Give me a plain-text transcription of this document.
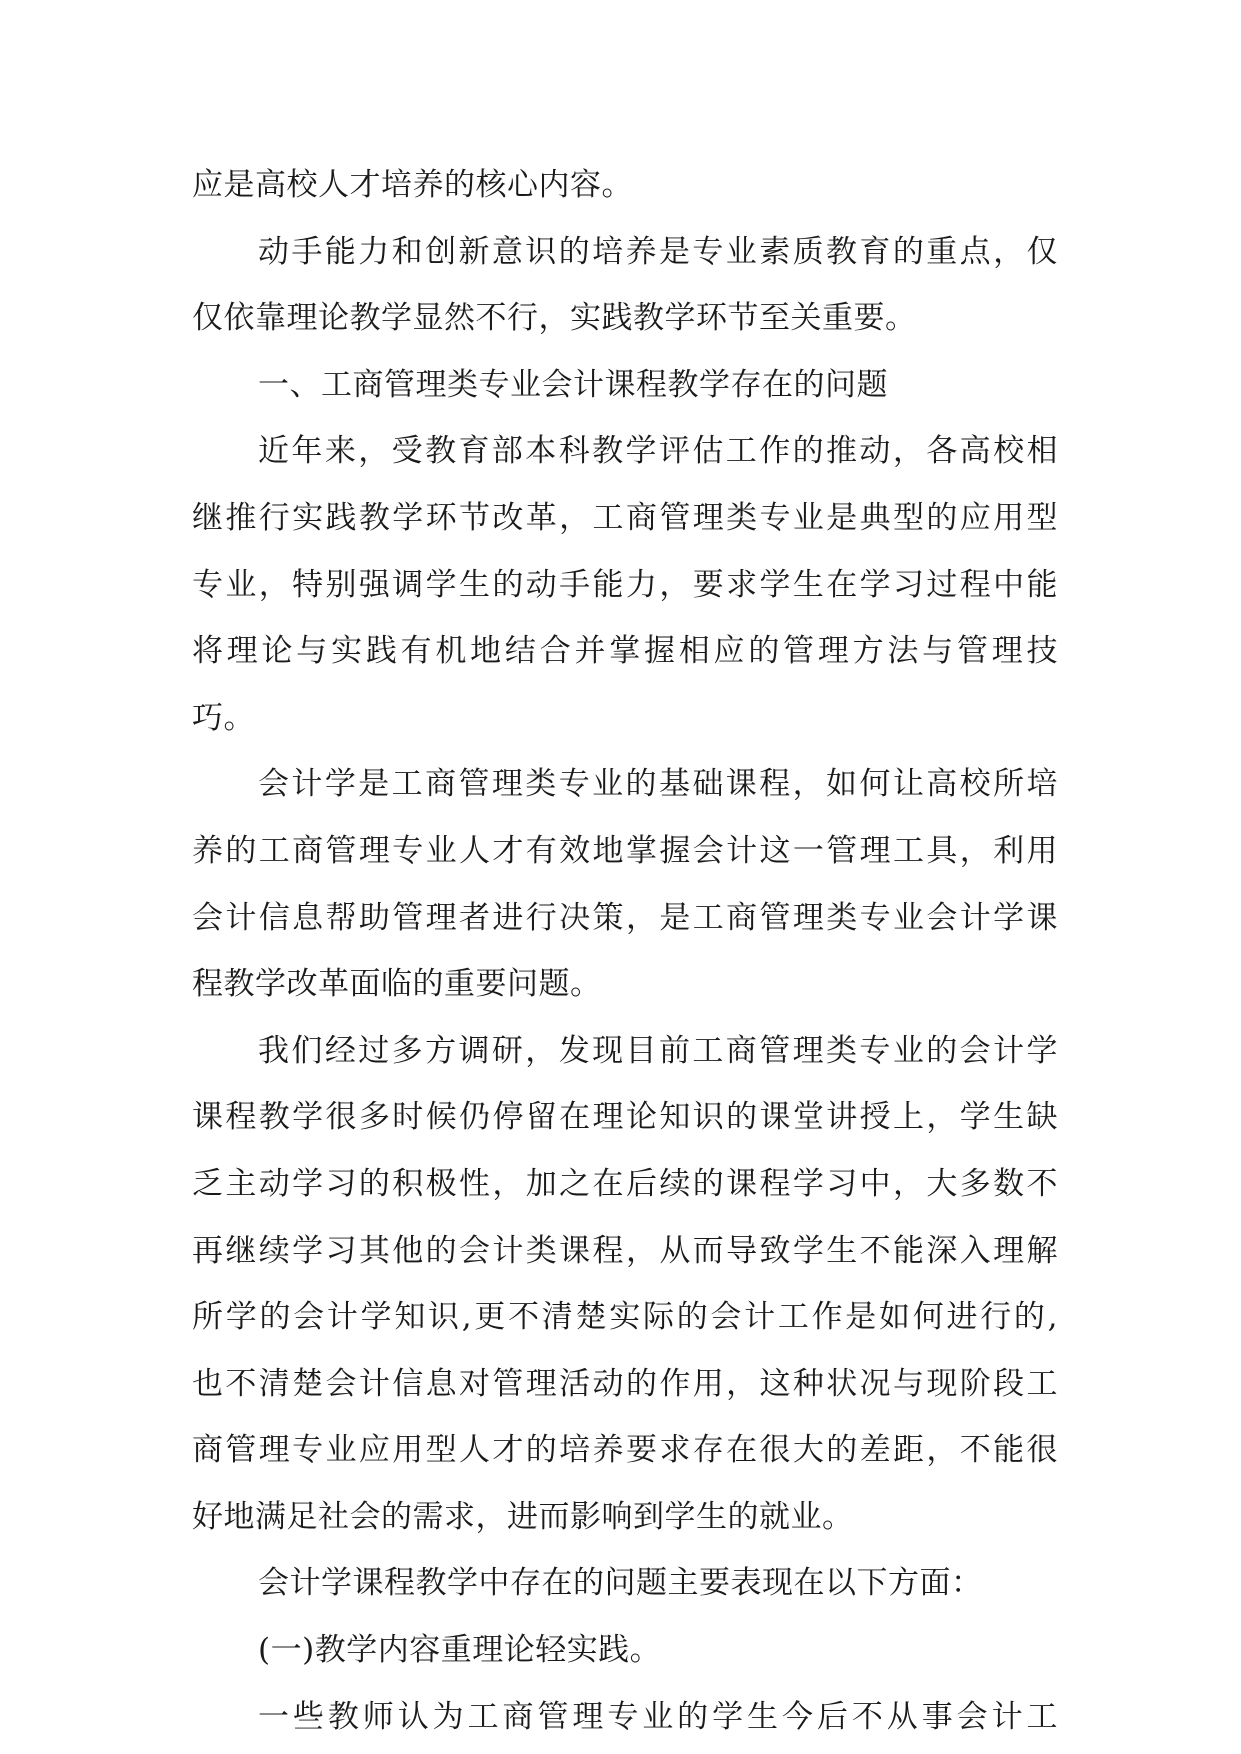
应是高校人才培养的核心内容。
动手能力和创新意识的培养是专业素质教育的重点，仅
仅依靠理论教学显然不行，实践教学环节至关重要。
一、工商管理类专业会计课程教学存在的问题
近年来，受教育部本科教学评估工作的推动，各高校相
继推行实践教学环节改革，工商管理类专业是典型的应用型
专业，特别强调学生的动手能力，要求学生在学习过程中能
将理论与实践有机地结合并掌握相应的管理方法与管理技
巧。
会计学是工商管理类专业的基础课程，如何让高校所培
养的工商管理专业人才有效地掌握会计这一管理工具，利用
会计信息帮助管理者进行决策，是工商管理类专业会计学课
程教学改革面临的重要问题。
我们经过多方调研，发现目前工商管理类专业的会计学
课程教学很多时候仍停留在理论知识的课堂讲授上，学生缺
乏主动学习的积极性，加之在后续的课程学习中，大多数不
再继续学习其他的会计类课程，从而导致学生不能深入理解
所学的会计学知识,更不清楚实际的会计工作是如何进行的,
也不清楚会计信息对管理活动的作用，这种状况与现阶段工
商管理专业应用型人才的培养要求存在很大的差距，不能很
好地满足社会的需求，进而影响到学生的就业。
会计学课程教学中存在的问题主要表现在以下方面：
(一)教学内容重理论轻实践。
一些教师认为工商管理专业的学生今后不从事会计工
